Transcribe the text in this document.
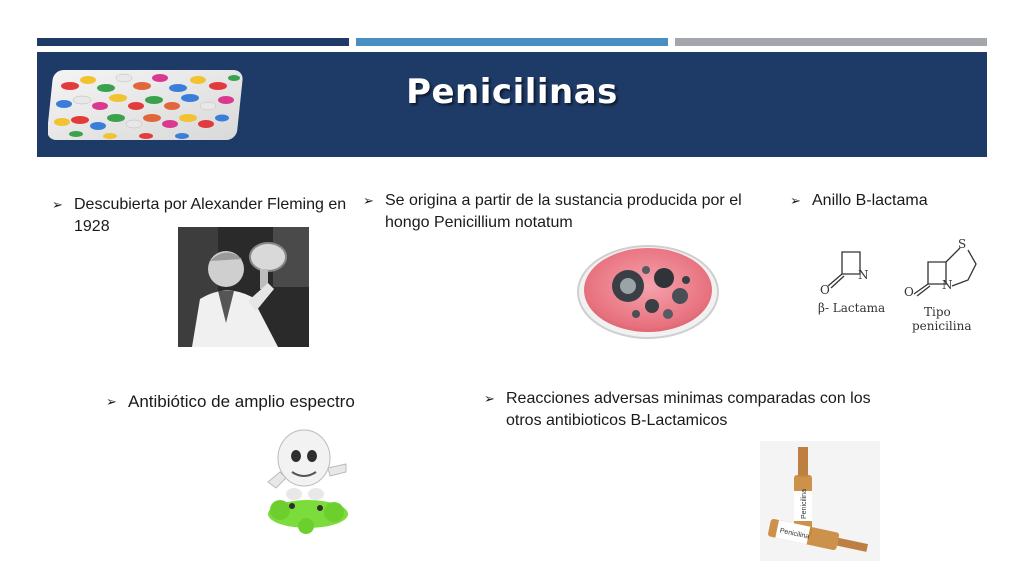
Penicilinas
➢ Descubierta por Alexander Fleming en 1928
➢ Se origina a partir de la sustancia producida por el hongo Penicillium notatum
➢ Anillo B-lactama
➢ Antibiótico de amplio espectro	➢ Reacciones adversas minimas comparadas con los otros antibioticos B-Lactamicos
N
O
β- Lactama
S
N
O
Tipo
penicilina
Penicilina
Penicilina
